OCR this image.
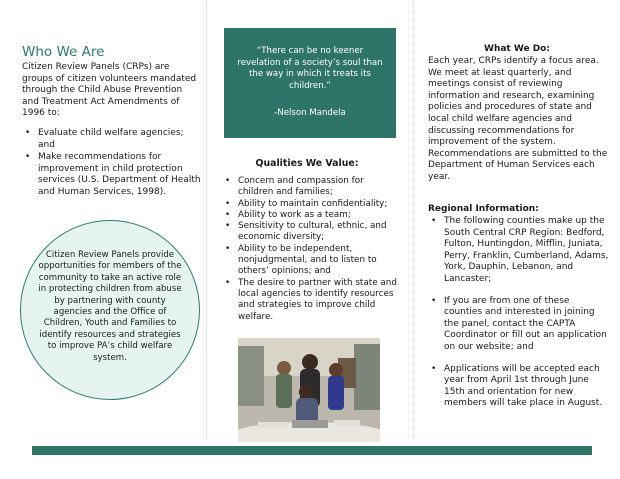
Who We Are

Citizen Review Panels (CRPs) are groups of citizen volunteers mandated through the Child Abuse Prevention and Treatment Act Amendments of 1996 to:

• Evaluate child welfare agencies; and
• Make recommendations for improvement in child protection services (U.S. Department of Health and Human Services, 1998).

Citizen Review Panels provide opportunities for members of the community to take an active role in protecting children from abuse by partnering with county agencies and the Office of Children, Youth and Families to identify resources and strategies to improve PA’s child welfare system.

“There can be no keener revelation of a society’s soul than the way in which it treats its children.”

-Nelson Mandela

Qualities We Value:
• Concern and compassion for children and families;
• Ability to maintain confidentiality;
• Ability to work as a team;
• Sensitivity to cultural, ethnic, and economic diversity;
• Ability to be independent, nonjudgmental, and to listen to others’ opinions; and
• The desire to partner with state and local agencies to identify resources and strategies to improve child welfare.
What We Do:

Each year, CRPs identify a focus area. We meet at least quarterly, and meetings consist of reviewing information and research, examining policies and procedures of state and local child welfare agencies and discussing recommendations for improvement of the system. Recommendations are submitted to the Department of Human Services each year.

Regional Information:
• The following counties make up the South Central CRP Region: Bedford, Fulton, Huntingdon, Mifflin, Juniata, Perry, Franklin, Cumberland, Adams, York, Dauphin, Lebanon, and Lancaster;
• If you are from one of these counties and interested in joining the panel, contact the CAPTA Coordinator or fill out an application on our website; and
• Applications will be accepted each year from April 1st through June 15th and orientation for new members will take place in August.
